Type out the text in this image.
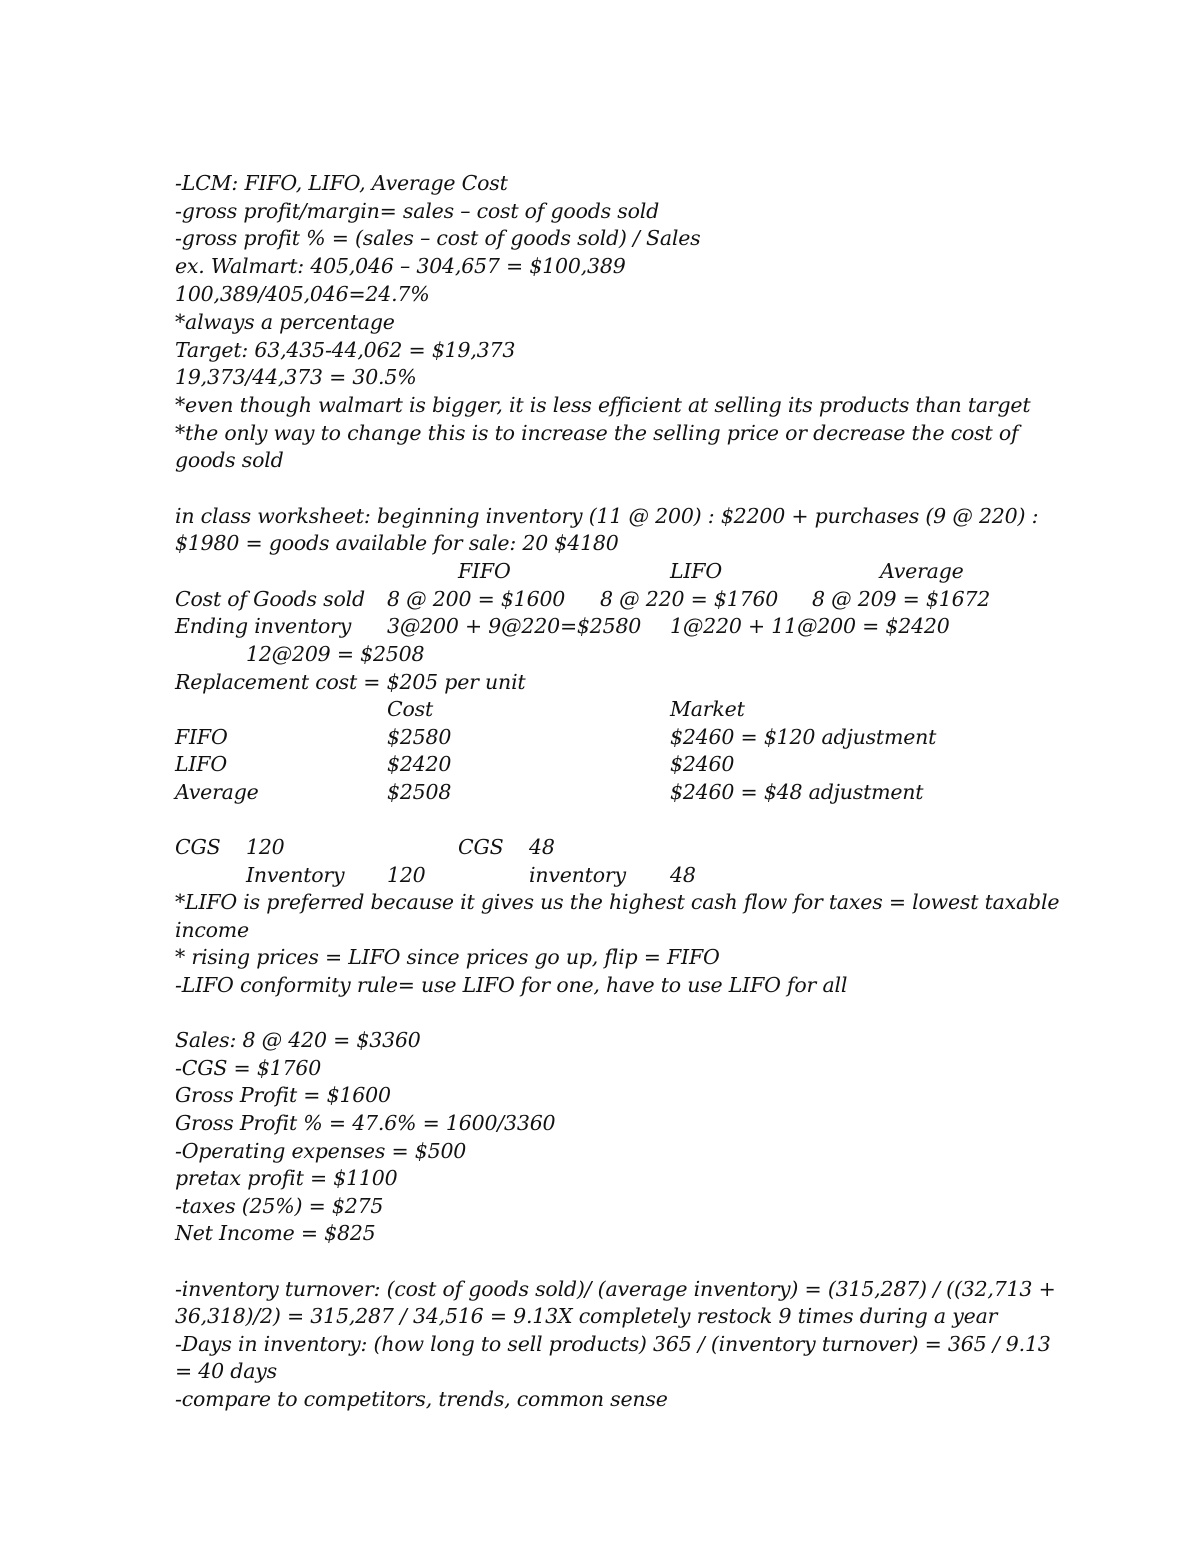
-LCM: FIFO, LIFO, Average Cost
-gross profit/margin= sales – cost of goods sold
-gross profit % = (sales – cost of goods sold) / Sales
ex. Walmart: 405,046 – 304,657 = $100,389
100,389/405,046=24.7%
*always a percentage
Target: 63,435-44,062 = $19,373
19,373/44,373 = 30.5%
*even though walmart is bigger, it is less efficient at selling its products than target
*the only way to change this is to increase the selling price or decrease the cost of
goods sold
in class worksheet: beginning inventory (11 @ 200) : $2200 + purchases (9 @ 220) :
$1980 = goods available for sale: 20 $4180
FIFO	LIFO	Average
Cost of Goods sold 8 @ 200 = $1600 8 @ 220 = $1760 8 @ 209 = $1672
Ending inventory 3@200 + 9@220=$2580 1@220 + 11@200 = $2420
12@209 = $2508
Replacement cost = $205 per unit
Cost	Market
FIFO	$2580	$2460 = $120 adjustment
LIFO	$2420	$2460
Average	$2508	$2460 = $48 adjustment
CGS 120	CGS 48
Inventory 120	inventory 48
*LIFO is preferred because it gives us the highest cash flow for taxes = lowest taxable
income
* rising prices = LIFO since prices go up, flip = FIFO
-LIFO conformity rule= use LIFO for one, have to use LIFO for all
Sales: 8 @ 420 = $3360
-CGS = $1760
Gross Profit = $1600
Gross Profit % = 47.6% = 1600/3360
-Operating expenses = $500
pretax profit = $1100
-taxes (25%) = $275
Net Income = $825
-inventory turnover: (cost of goods sold)/ (average inventory) = (315,287) / ((32,713 +
36,318)/2) = 315,287 / 34,516 = 9.13X completely restock 9 times during a year
-Days in inventory: (how long to sell products) 365 / (inventory turnover) = 365 / 9.13
= 40 days
-compare to competitors, trends, common sense
